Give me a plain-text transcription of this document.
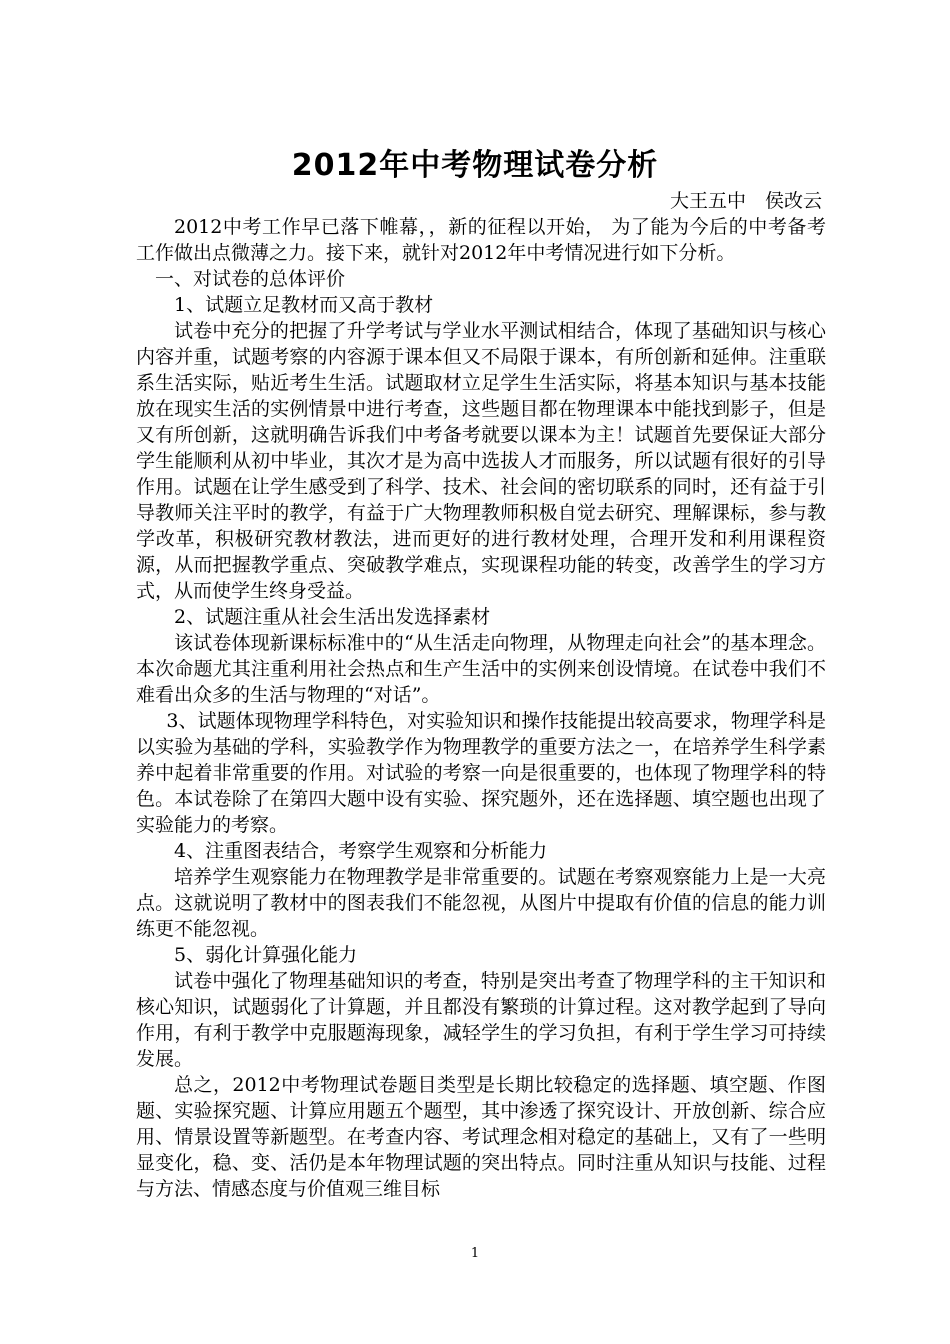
2012年中考物理试卷分析
大王五中　侯改云

2012中考工作早已落下帷幕，，新的征程以开始， 为了能为今后的中考备考工作做出点微薄之力。接下来，就针对2012年中考情况进行如下分析。

一、对试卷的总体评价

1、试题立足教材而又高于教材

试卷中充分的把握了升学考试与学业水平测试相结合，体现了基础知识与核心内容并重，试题考察的内容源于课本但又不局限于课本，有所创新和延伸。注重联系生活实际，贴近考生生活。试题取材立足学生生活实际，将基本知识与基本技能放在现实生活的实例情景中进行考查，这些题目都在物理课本中能找到影子，但是又有所创新，这就明确告诉我们中考备考就要以课本为主！试题首先要保证大部分学生能顺利从初中毕业，其次才是为高中选拔人才而服务，所以试题有很好的引导作用。试题在让学生感受到了科学、技术、社会间的密切联系的同时，还有益于引导教师关注平时的教学，有益于广大物理教师积极自觉去研究、理解课标，参与教学改革，积极研究教材教法，进而更好的进行教材处理，合理开发和利用课程资源，从而把握教学重点、突破教学难点，实现课程功能的转变，改善学生的学习方式，从而使学生终身受益。

2、试题注重从社会生活出发选择素材

该试卷体现新课标标准中的“从生活走向物理，从物理走向社会”的基本理念。本次命题尤其注重利用社会热点和生产生活中的实例来创设情境。在试卷中我们不难看出众多的生活与物理的“对话”。

3、试题体现物理学科特色，对实验知识和操作技能提出较高要求，物理学科是以实验为基础的学科，实验教学作为物理教学的重要方法之一，在培养学生科学素养中起着非常重要的作用。对试验的考察一向是很重要的，也体现了物理学科的特色。本试卷除了在第四大题中设有实验、探究题外，还在选择题、填空题也出现了实验能力的考察。

4、注重图表结合，考察学生观察和分析能力

培养学生观察能力在物理教学是非常重要的。试题在考察观察能力上是一大亮点。这就说明了教材中的图表我们不能忽视，从图片中提取有价值的信息的能力训练更不能忽视。

5、弱化计算强化能力

试卷中强化了物理基础知识的考查，特别是突出考查了物理学科的主干知识和核心知识，试题弱化了计算题，并且都没有繁琐的计算过程。这对教学起到了导向作用，有利于教学中克服题海现象，减轻学生的学习负担，有利于学生学习可持续发展。

总之，2012中考物理试卷题目类型是长期比较稳定的选择题、填空题、作图题、实验探究题、计算应用题五个题型，其中渗透了探究设计、开放创新、综合应用、情景设置等新题型。在考查内容、考试理念相对稳定的基础上，又有了一些明显变化，稳、变、活仍是本年物理试题的突出特点。同时注重从知识与技能、过程与方法、情感态度与价值观三维目标

1
